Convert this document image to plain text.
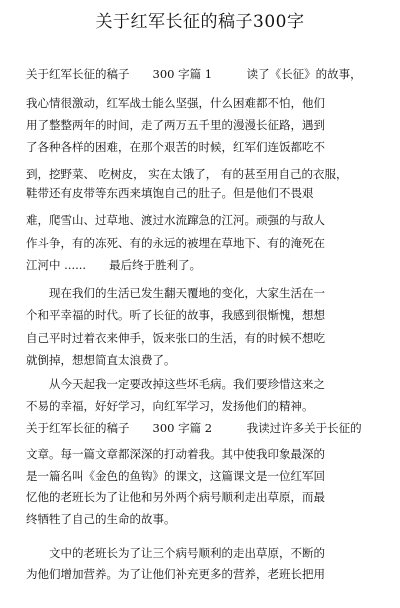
关于红军长征的稿子300字
关于红军长征的稿子　　300 字篇 1　　　读了《长征》的故事，
我心情很激动，红军战士能么坚强，什么困难都不怕，他们
用了整整两年的时间，走了两万五千里的漫漫长征路，遇到
了各种各样的困难，在那个艰苦的时候，红军们连饭都吃不
到，挖野菜、 吃树皮， 实在太饿了， 有的甚至用自己的衣服，
鞋带还有皮带等东西来填饱自己的肚子。但是他们不畏艰
难，爬雪山、过草地、渡过水流蹿急的江河。顽强的与敌人
作斗争，有的冻死、有的永远的被埋在草地下、有的淹死在
江河中 ......　　最后终于胜利了。
　　现在我们的生活已发生翻天覆地的变化，大家生活在一
个和平幸福的时代。听了长征的故事，我感到很惭愧，想想
自己平时过着衣来伸手，饭来张口的生活，有的时候不想吃
就倒掉，想想简直太浪费了。
　　从今天起我一定要改掉这些坏毛病。我们要珍惜这来之
不易的幸福，好好学习，向红军学习，发扬他们的精神。
关于红军长征的稿子　　300 字篇 2　　　我读过许多关于长征的
文章。每一篇文章都深深的打动着我。其中使我印象最深的
是一篇名叫《金色的鱼钩》的课文，这篇课文是一位红军回
忆他的老班长为了让他和另外两个病号顺利走出草原，而最
终牺牲了自己的生命的故事。
　　文中的老班长为了让三个病号顺利的走出草原，不断的
为他们增加营养。为了让他们补充更多的营养，老班长把用
